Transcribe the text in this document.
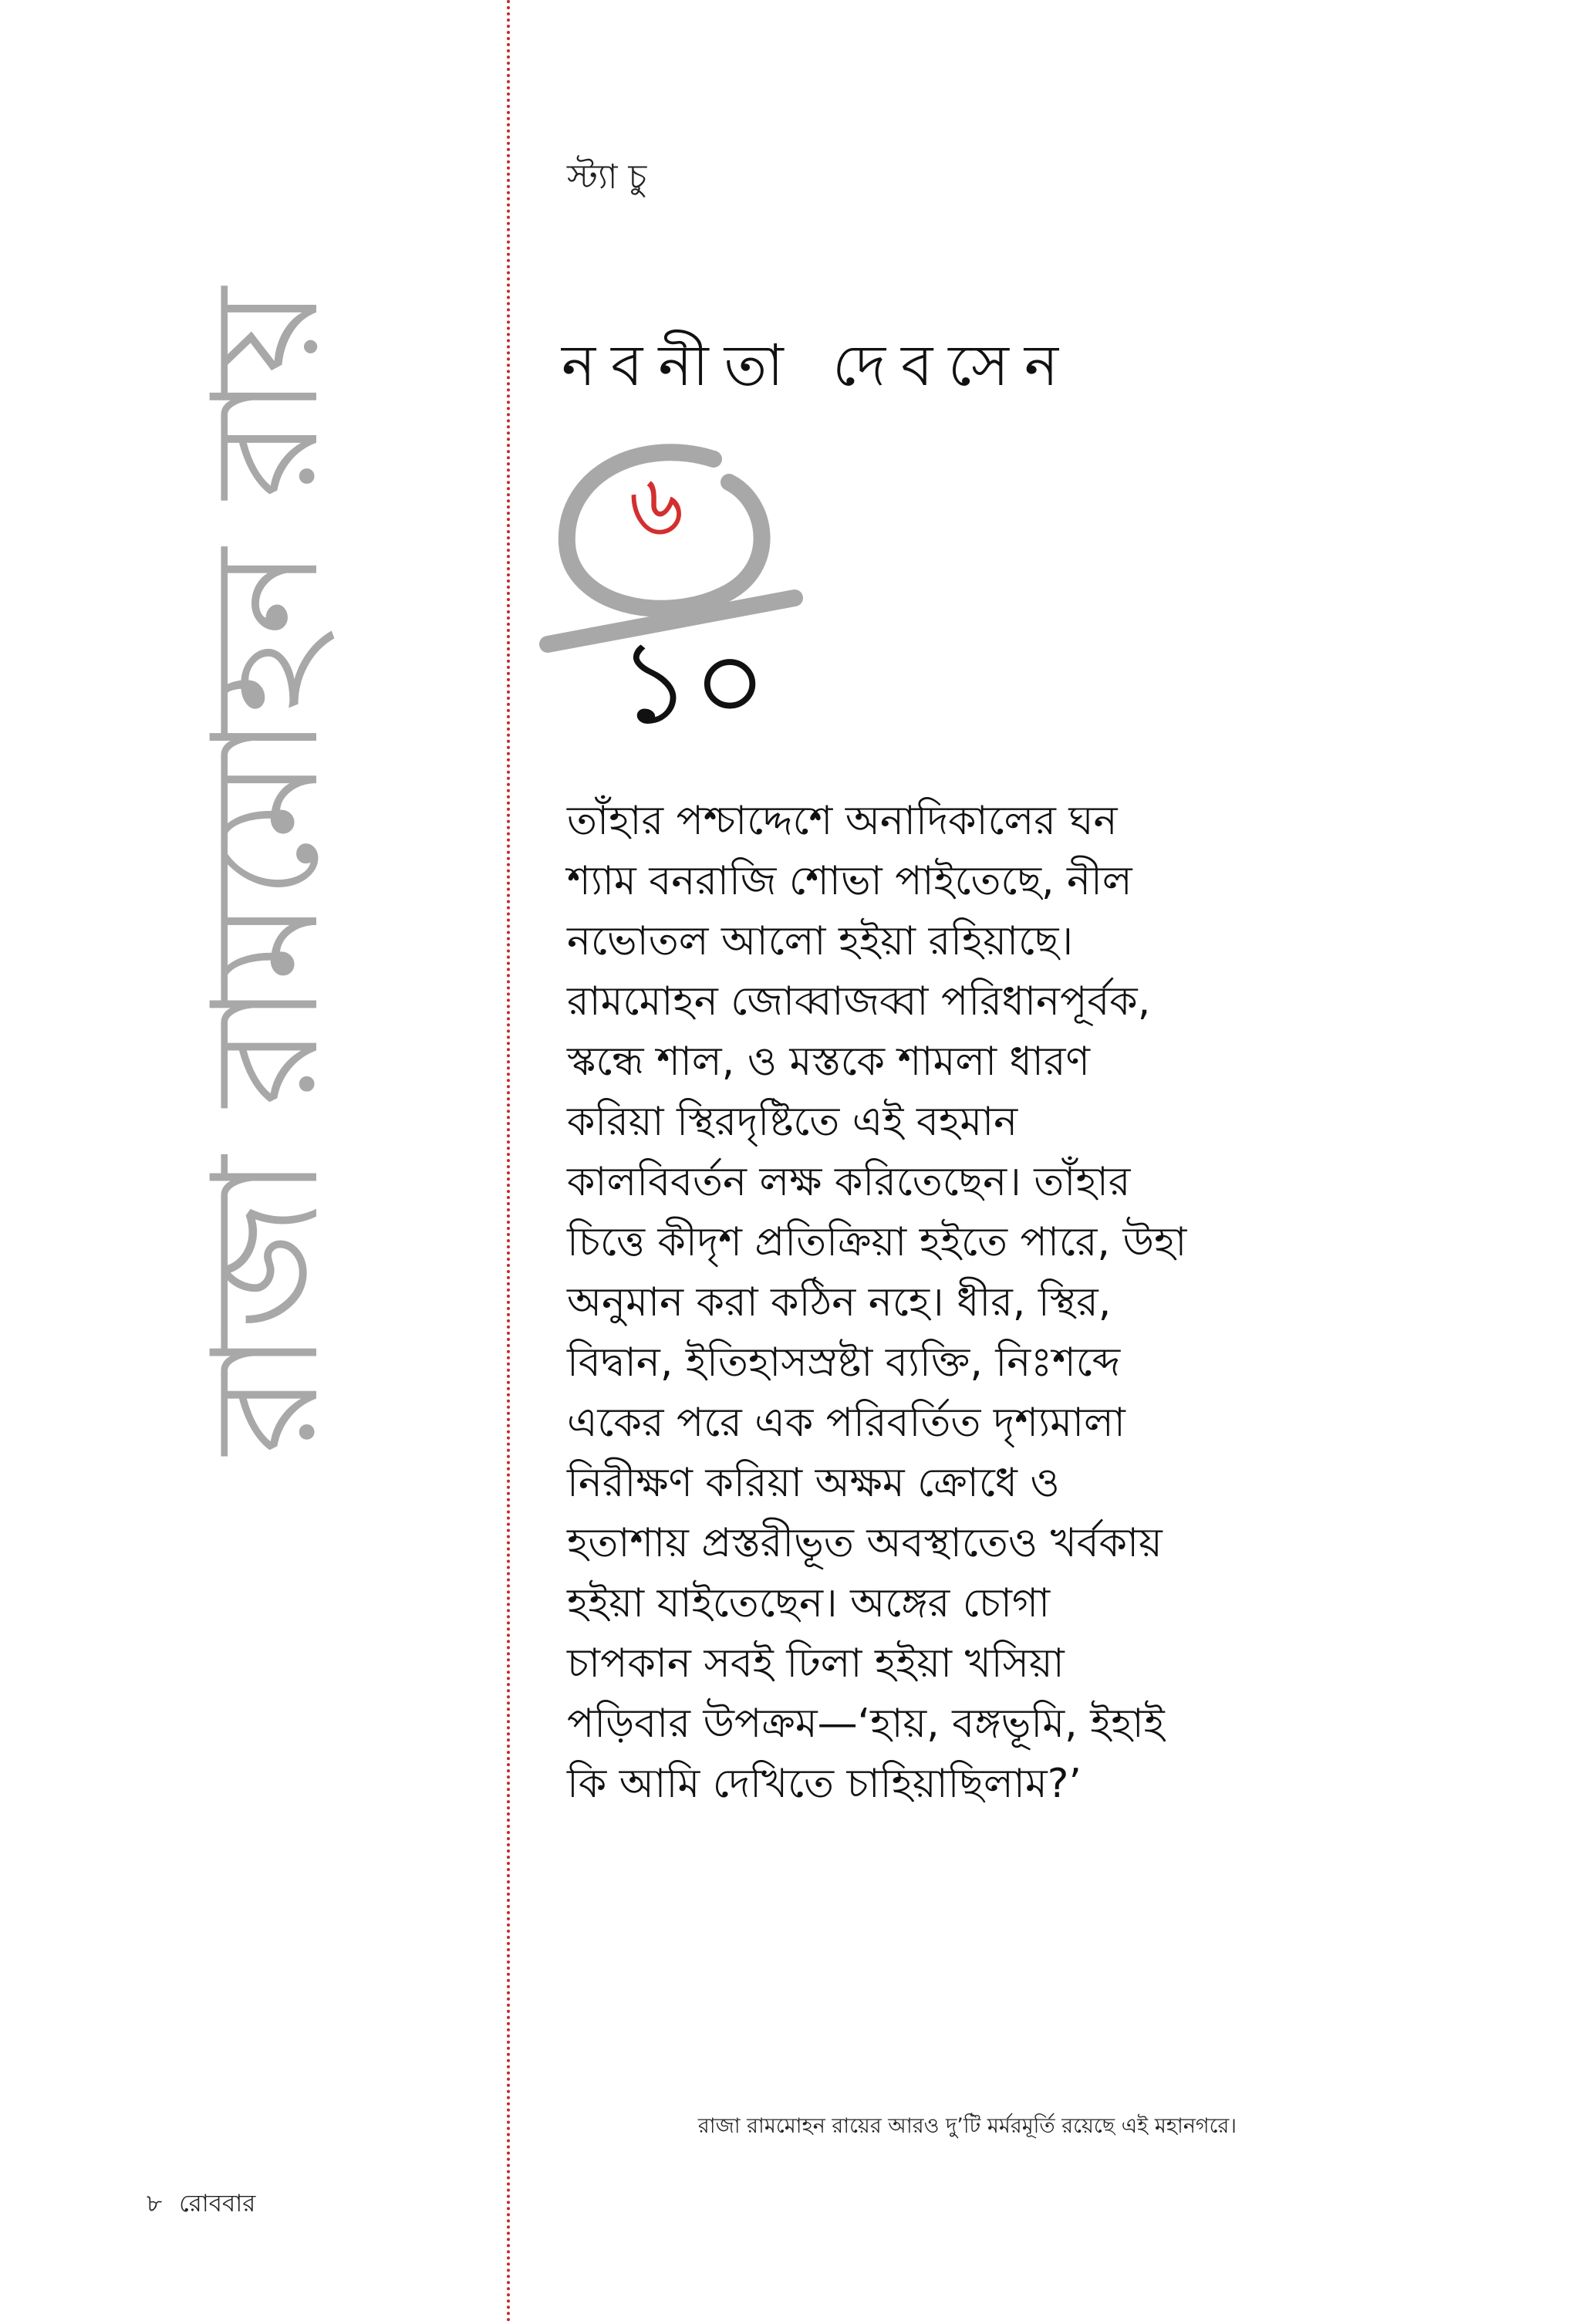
রাজা রামমোহন রায়
স্ট্যা চু
নবনীতা দেবসেন
৬
১০
তাঁহার পশ্চাদ্দেশে অনাদিকালের ঘন
শ্যাম বনরাজি শোভা পাইতেছে, নীল
নভোতল আলো হইয়া রহিয়াছে।
রামমোহন জোব্বাজব্বা পরিধানপূর্বক,
স্কন্ধে শাল, ও মস্তকে শামলা ধারণ
করিয়া স্থিরদৃষ্টিতে এই বহমান
কালবিবর্তন লক্ষ করিতেছেন। তাঁহার
চিত্তে কীদৃশ প্রতিক্রিয়া হইতে পারে, উহা
অনুমান করা কঠিন নহে। ধীর, স্থির,
বিদ্বান, ইতিহাসস্রষ্টা ব্যক্তি, নিঃশব্দে
একের পরে এক পরিবর্তিত দৃশ্যমালা
নিরীক্ষণ করিয়া অক্ষম ক্রোধে ও
হতাশায় প্রস্তরীভূত অবস্থাতেও খর্বকায়
হইয়া যাইতেছেন। অঙ্গের চোগা
চাপকান সবই ঢিলা হইয়া খসিয়া
পড়িবার উপক্রম—‘হায়, বঙ্গভূমি, ইহাই
কি আমি দেখিতে চাহিয়াছিলাম?’
রাজা রামমোহন রায়ের আরও দু’টি মর্মরমূর্তি রয়েছে এই মহানগরে।
৮ রোববার
